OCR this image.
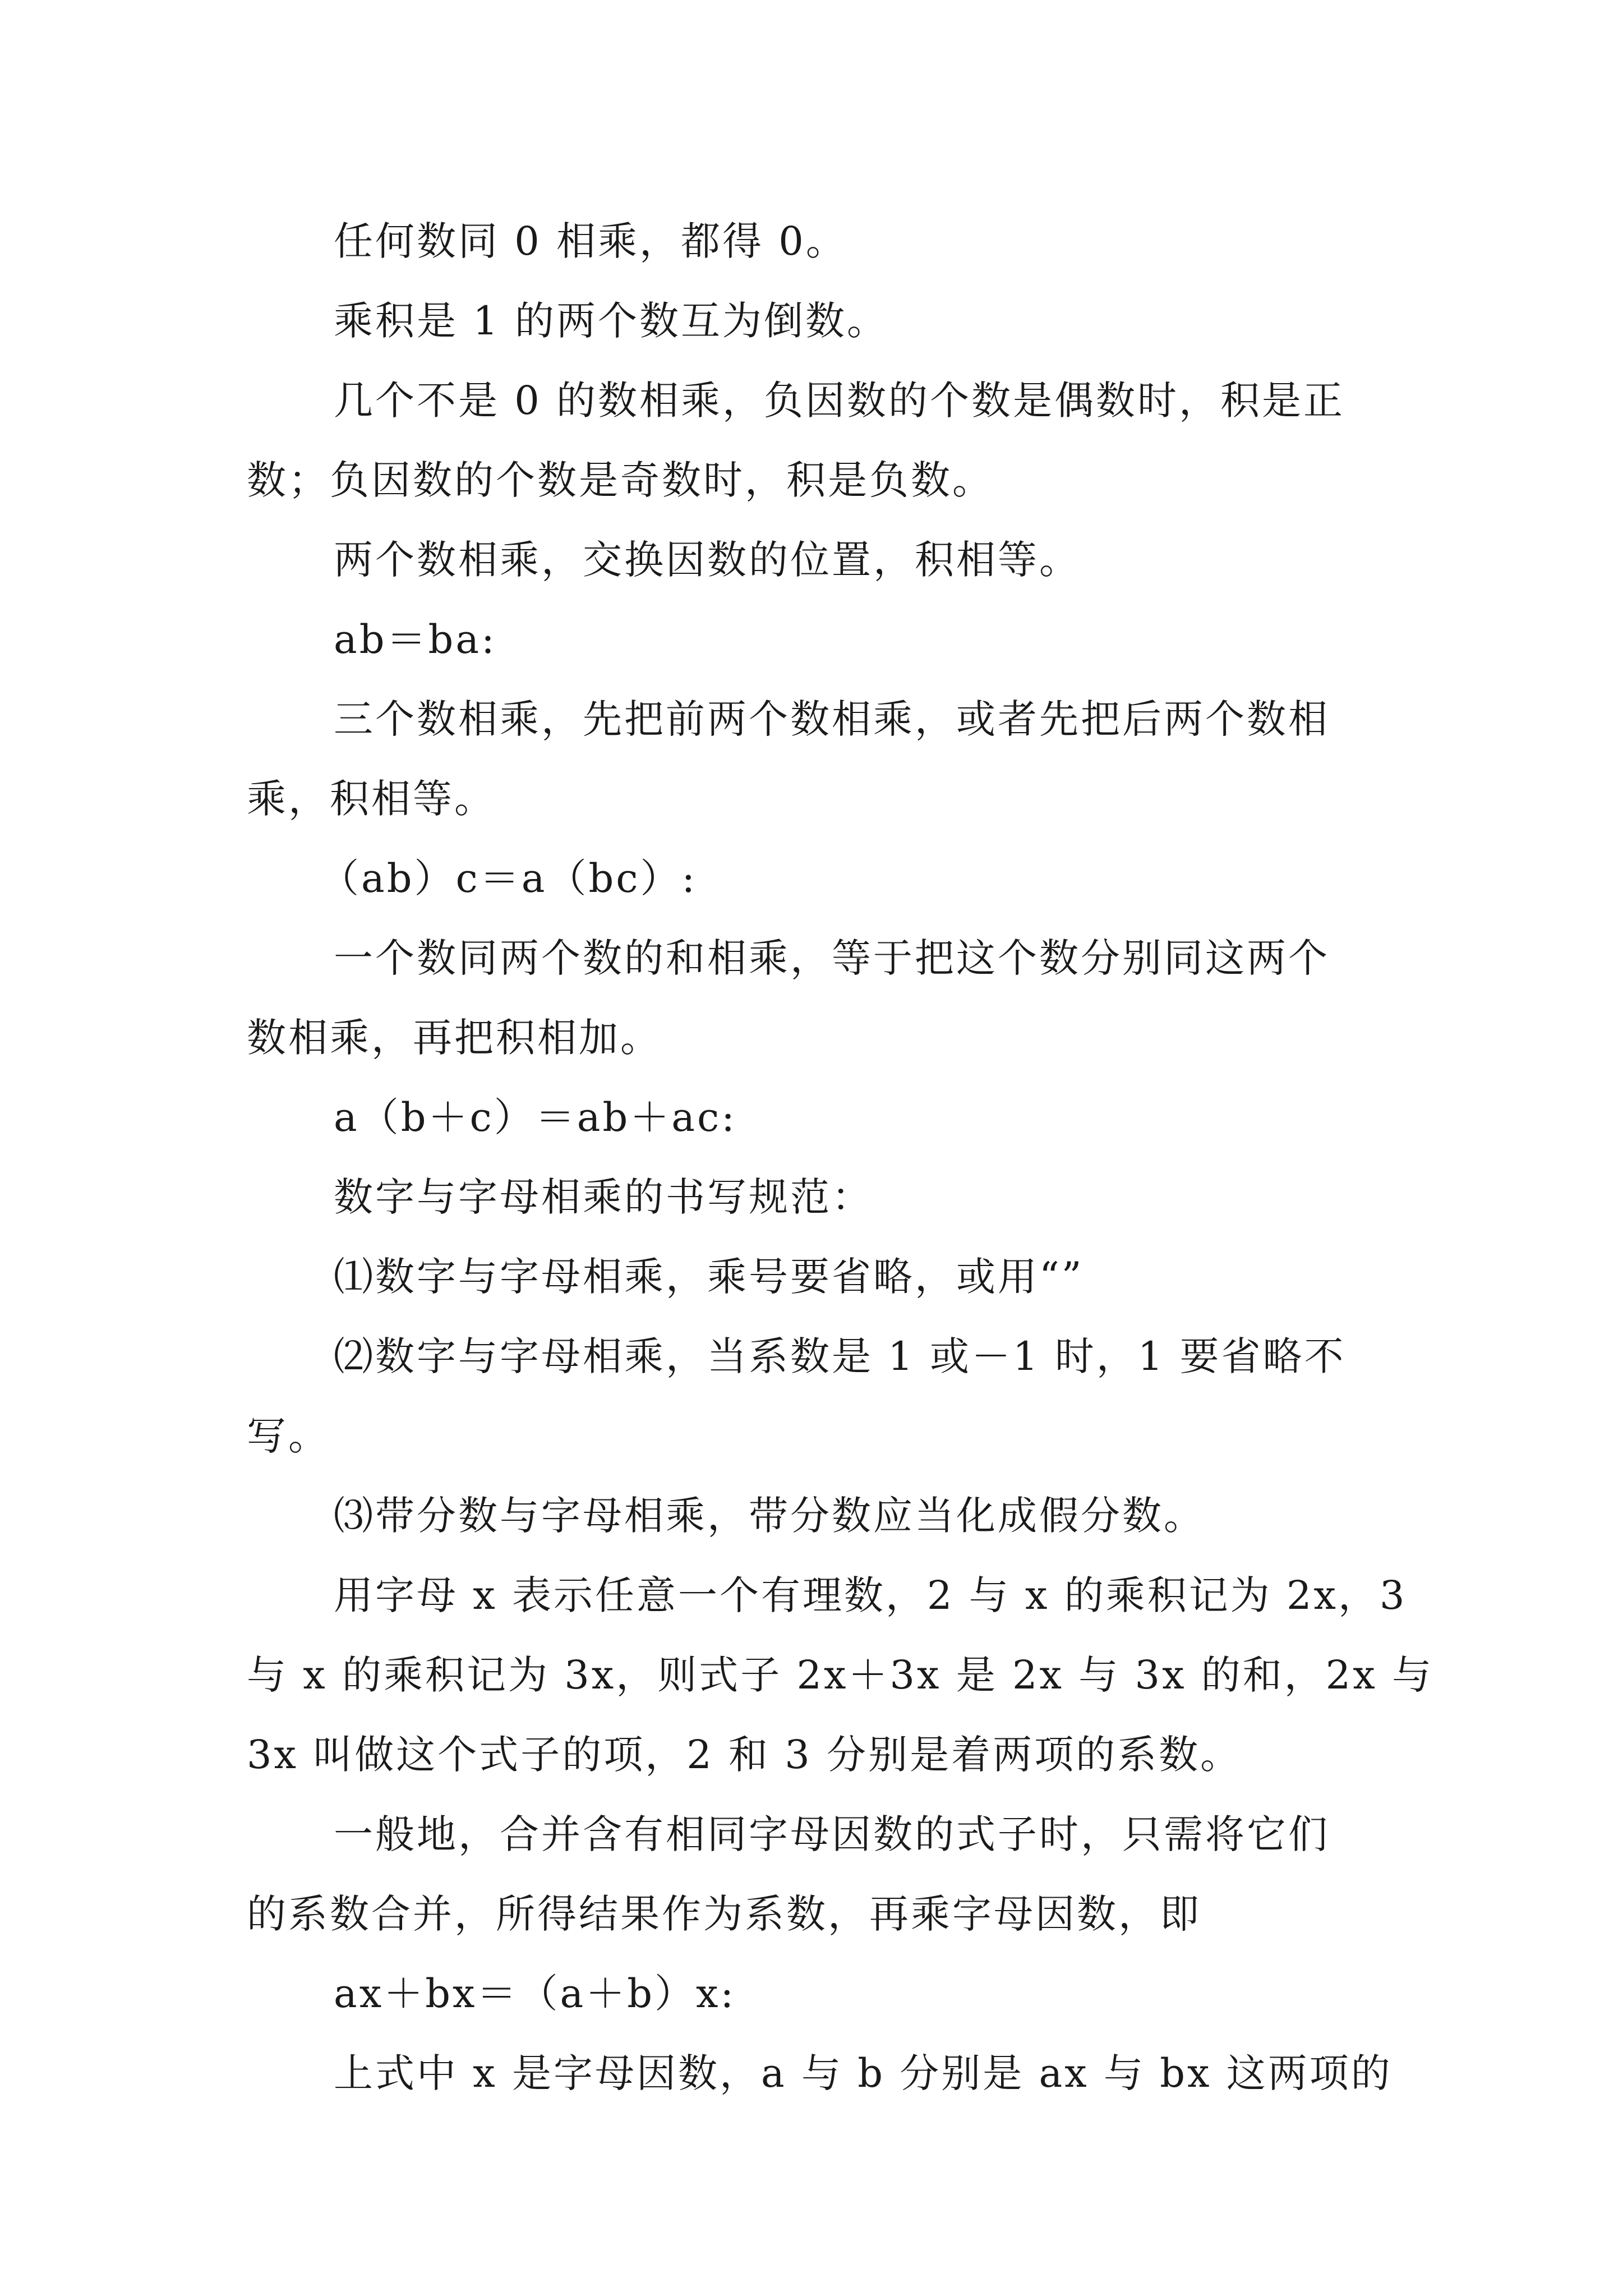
任何数同 0 相乘，都得 0。
乘积是 1 的两个数互为倒数。
几个不是 0 的数相乘，负因数的个数是偶数时，积是正
数；负因数的个数是奇数时，积是负数。
两个数相乘，交换因数的位置，积相等。
ab＝ba:
三个数相乘，先把前两个数相乘，或者先把后两个数相
乘，积相等。
（ab）c＝a（bc）:
一个数同两个数的和相乘，等于把这个数分别同这两个
数相乘，再把积相加。
a（b＋c）＝ab＋ac:
数字与字母相乘的书写规范：
⑴数字与字母相乘，乘号要省略，或用“”
⑵数字与字母相乘，当系数是 1 或－1 时，1 要省略不
写。
⑶带分数与字母相乘，带分数应当化成假分数。
用字母 x 表示任意一个有理数，2 与 x 的乘积记为 2x，3
与 x 的乘积记为 3x，则式子 2x＋3x 是 2x 与 3x 的和，2x 与
3x 叫做这个式子的项，2 和 3 分别是着两项的系数。
一般地，合并含有相同字母因数的式子时，只需将它们
的系数合并，所得结果作为系数，再乘字母因数，即
ax＋bx＝（a＋b）x:
上式中 x 是字母因数，a 与 b 分别是 ax 与 bx 这两项的
